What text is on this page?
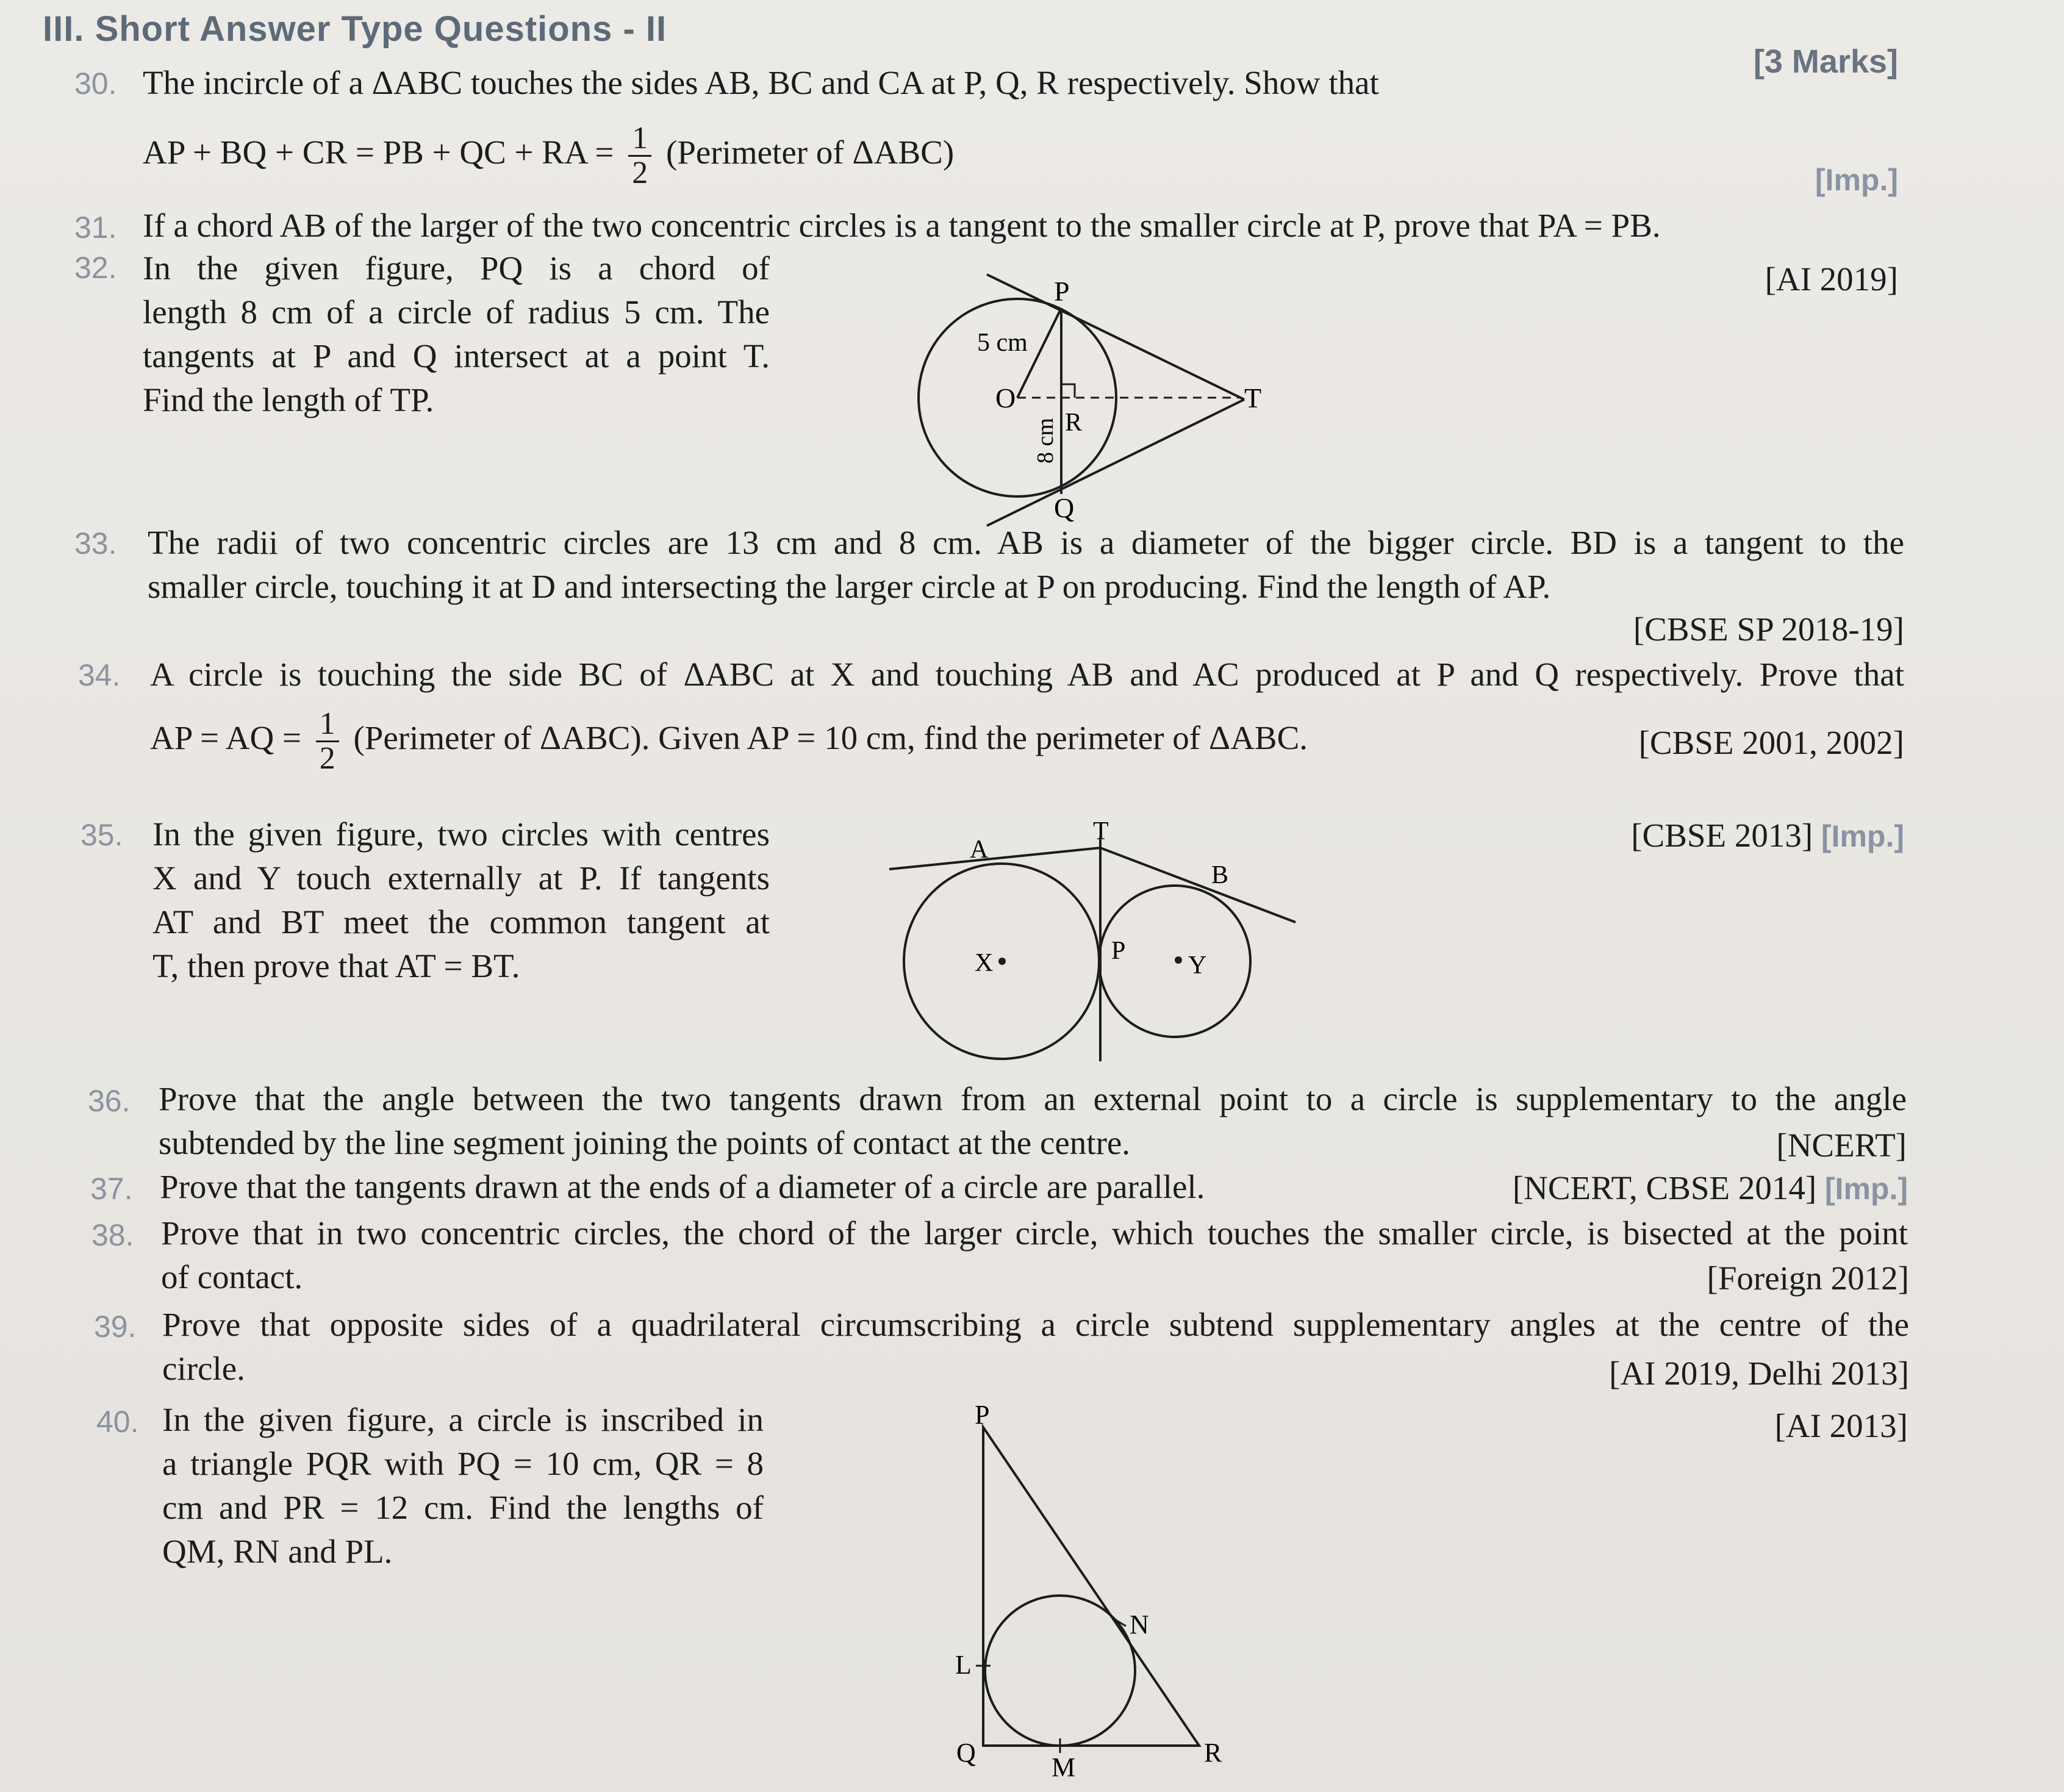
III. Short Answer Type Questions - II
[3 Marks]
30. The incircle of a ΔABC touches the sides AB, BC and CA at P, Q, R respectively. Show that
AP + BQ + CR = PB + QC + RA = $\frac{1}{2}$ (Perimeter of ΔABC)
[Imp.]
31. If a chord AB of the larger of the two concentric circles is a tangent to the smaller circle at P, prove that PA = PB.
32. In the given figure, PQ is a chord of
length 8 cm of a circle of radius 5 cm. The
tangents at P and Q intersect at a point T.
Find the length of TP.
[AI 2019]
P
Q
O	T
R
5 cm
8 cm
33. The radii of two concentric circles are 13 cm and 8 cm. AB is a diameter of the bigger circle. BD is a tangent to the
smaller circle, touching it at D and intersecting the larger circle at P on producing. Find the length of AP.
[CBSE SP 2018-19]
34. A circle is touching the side BC of ΔABC at X and touching AB and AC produced at P and Q respectively. Prove that
AP = AQ = $\frac{1}{2}$ (Perimeter of ΔABC). Given AP = 10 cm, find the perimeter of ΔABC.	[CBSE 2001, 2002]
35. In the given figure, two circles with centres
X and Y touch externally at P. If tangents
AT and BT meet the common tangent at
T, then prove that AT = BT.
[CBSE 2013] [Imp.]
A
T
B
X	Y
P
36. Prove that the angle between the two tangents drawn from an external point to a circle is supplementary to the angle
subtended by the line segment joining the points of contact at the centre.	[NCERT]
37. Prove that the tangents drawn at the ends of a diameter of a circle are parallel.	[NCERT, CBSE 2014] [Imp.]
38. Prove that in two concentric circles, the chord of the larger circle, which touches the smaller circle, is bisected at the point
of contact.	[Foreign 2012]
39. Prove that opposite sides of a quadrilateral circumscribing a circle subtend supplementary angles at the centre of the
circle.	[AI 2019, Delhi 2013]
40. In the given figure, a circle is inscribed in
a triangle PQR with PQ = 10 cm, QR = 8
cm and PR = 12 cm. Find the lengths of
QM, RN and PL.
[AI 2013]
P
Q	R
L
M
N
